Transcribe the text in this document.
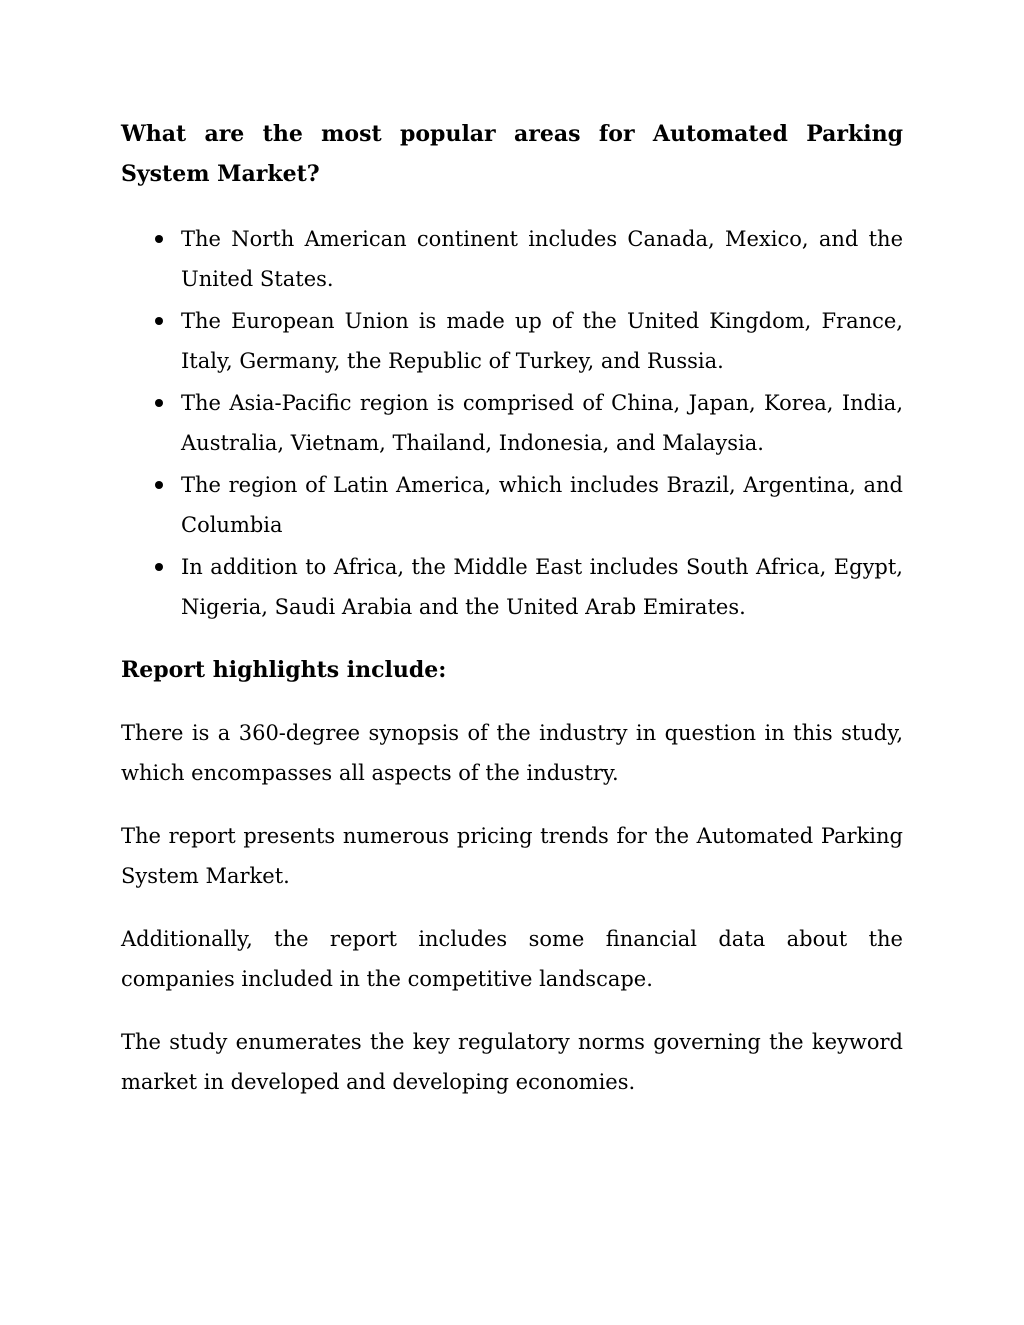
What are the most popular areas for Automated Parking System Market?
The North American continent includes Canada, Mexico, and the United States.
The European Union is made up of the United Kingdom, France, Italy, Germany, the Republic of Turkey, and Russia.
The Asia-Pacific region is comprised of China, Japan, Korea, India, Australia, Vietnam, Thailand, Indonesia, and Malaysia.
The region of Latin America, which includes Brazil, Argentina, and Columbia
In addition to Africa, the Middle East includes South Africa, Egypt, Nigeria, Saudi Arabia and the United Arab Emirates.
Report highlights include:

There is a 360-degree synopsis of the industry in question in this study, which encompasses all aspects of the industry.

The report presents numerous pricing trends for the Automated Parking System Market.

Additionally, the report includes some financial data about the companies included in the competitive landscape.

The study enumerates the key regulatory norms governing the keyword market in developed and developing economies.
